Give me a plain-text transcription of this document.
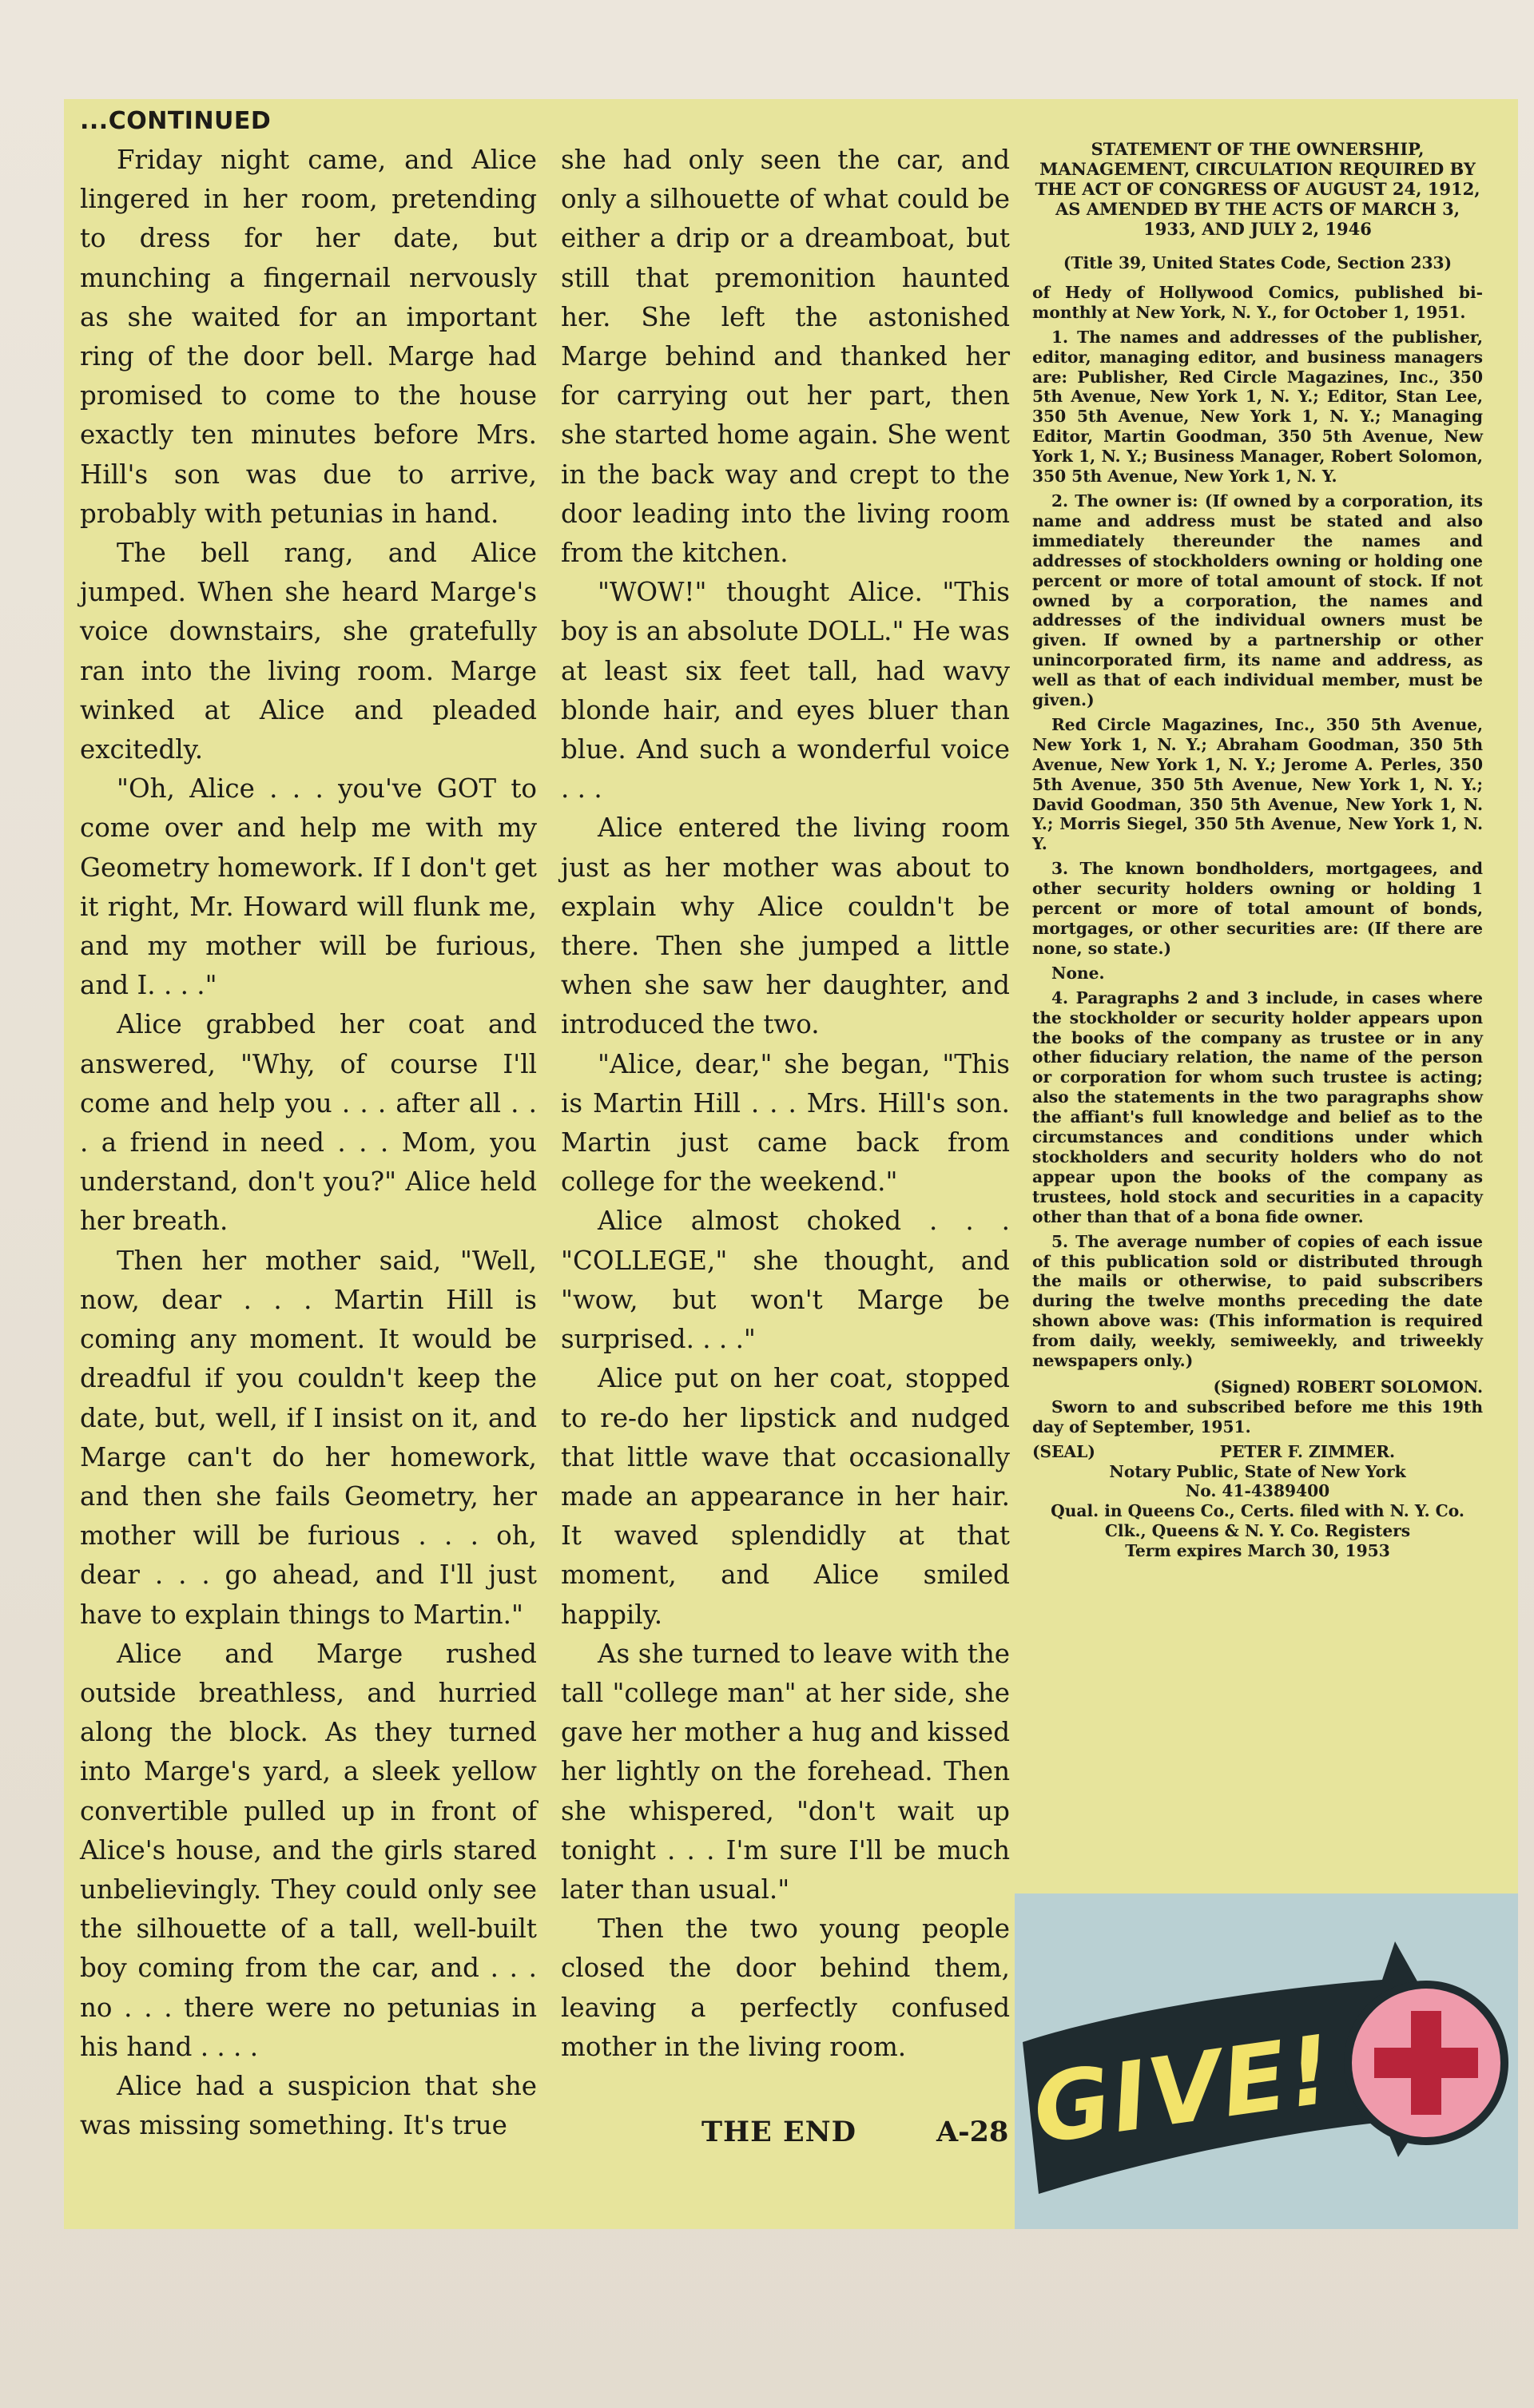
...CONTINUED

Friday night came, and Alice lingered in her room, pretending to dress for her date, but munching a fingernail nervously as she waited for an important ring of the door bell. Marge had promised to come to the house exactly ten minutes before Mrs. Hill's son was due to arrive, probably with petunias in hand.

The bell rang, and Alice jumped. When she heard Marge's voice downstairs, she gratefully ran into the living room. Marge winked at Alice and pleaded excitedly.

"Oh, Alice . . . you've GOT to come over and help me with my Geometry homework. If I don't get it right, Mr. Howard will flunk me, and my mother will be furious, and I. . . ."

Alice grabbed her coat and answered, "Why, of course I'll come and help you . . . after all . . . a friend in need . . . Mom, you understand, don't you?" Alice held her breath.

Then her mother said, "Well, now, dear . . . Martin Hill is coming any moment. It would be dreadful if you couldn't keep the date, but, well, if I insist on it, and Marge can't do her homework, and then she fails Geometry, her mother will be furious . . . oh, dear . . . go ahead, and I'll just have to explain things to Martin."

Alice and Marge rushed outside breathless, and hurried along the block. As they turned into Marge's yard, a sleek yellow convertible pulled up in front of Alice's house, and the girls stared unbelievingly. They could only see the silhouette of a tall, well-built boy coming from the car, and . . . no . . . there were no petunias in his hand . . . .

Alice had a suspicion that she was missing something. It's true

she had only seen the car, and only a silhouette of what could be either a drip or a dreamboat, but still that premonition haunted her. She left the astonished Marge behind and thanked her for carrying out her part, then she started home again. She went in the back way and crept to the door leading into the living room from the kitchen.

"WOW!" thought Alice. "This boy is an absolute DOLL." He was at least six feet tall, had wavy blonde hair, and eyes bluer than blue. And such a wonderful voice . . .

Alice entered the living room just as her mother was about to explain why Alice couldn't be there. Then she jumped a little when she saw her daughter, and introduced the two.

"Alice, dear," she began, "This is Martin Hill . . . Mrs. Hill's son. Martin just came back from college for the weekend."

Alice almost choked . . . "COLLEGE," she thought, and "wow, but won't Marge be surprised. . . ."

Alice put on her coat, stopped to re-do her lipstick and nudged that little wave that occasionally made an appearance in her hair. It waved splendidly at that moment, and Alice smiled happily.

As she turned to leave with the tall "college man" at her side, she gave her mother a hug and kissed her lightly on the forehead. Then she whispered, "don't wait up tonight . . . I'm sure I'll be much later than usual."

Then the two young people closed the door behind them, leaving a perfectly confused mother in the living room.

STATEMENT OF THE OWNERSHIP, MANAGEMENT, CIRCULATION REQUIRED BY THE ACT OF CONGRESS OF AUGUST 24, 1912, AS AMENDED BY THE ACTS OF MARCH 3, 1933, AND JULY 2, 1946
(Title 39, United States Code, Section 233)

of Hedy of Hollywood Comics, published bi-monthly at New York, N. Y., for October 1, 1951.

1. The names and addresses of the publisher, editor, managing editor, and business managers are: Publisher, Red Circle Magazines, Inc., 350 5th Avenue, New York 1, N. Y.; Editor, Stan Lee, 350 5th Avenue, New York 1, N. Y.; Managing Editor, Martin Goodman, 350 5th Avenue, New York 1, N. Y.; Business Manager, Robert Solomon, 350 5th Avenue, New York 1, N. Y.

2. The owner is: (If owned by a corporation, its name and address must be stated and also immediately thereunder the names and addresses of stockholders owning or holding one percent or more of total amount of stock. If not owned by a corporation, the names and addresses of the individual owners must be given. If owned by a partnership or other unincorporated firm, its name and address, as well as that of each individual member, must be given.)

Red Circle Magazines, Inc., 350 5th Avenue, New York 1, N. Y.; Abraham Goodman, 350 5th Avenue, New York 1, N. Y.; Jerome A. Perles, 350 5th Avenue, 350 5th Avenue, New York 1, N. Y.; David Goodman, 350 5th Avenue, New York 1, N. Y.; Morris Siegel, 350 5th Avenue, New York 1, N. Y.

3. The known bondholders, mortgagees, and other security holders owning or holding 1 percent or more of total amount of bonds, mortgages, or other securities are: (If there are none, so state.)

None.

4. Paragraphs 2 and 3 include, in cases where the stockholder or security holder appears upon the books of the company as trustee or in any other fiduciary relation, the name of the person or corporation for whom such trustee is acting; also the statements in the two paragraphs show the affiant's full knowledge and belief as to the circumstances and conditions under which stockholders and security holders who do not appear upon the books of the company as trustees, hold stock and securities in a capacity other than that of a bona fide owner.

5. The average number of copies of each issue of this publication sold or distributed through the mails or otherwise, to paid subscribers during the twelve months preceding the date shown above was: (This information is required from daily, weekly, semiweekly, and triweekly newspapers only.)

(Signed) ROBERT SOLOMON.

Sworn to and subscribed before me this 19th day of September, 1951.

(SEAL)	PETER F. ZIMMER.

Notary Public, State of New York

No. 41-4389400

Qual. in Queens Co., Certs. filed with N. Y. Co. Clk., Queens & N. Y. Co. Registers

Term expires March 30, 1953

GIVE!
THE END	A-28
